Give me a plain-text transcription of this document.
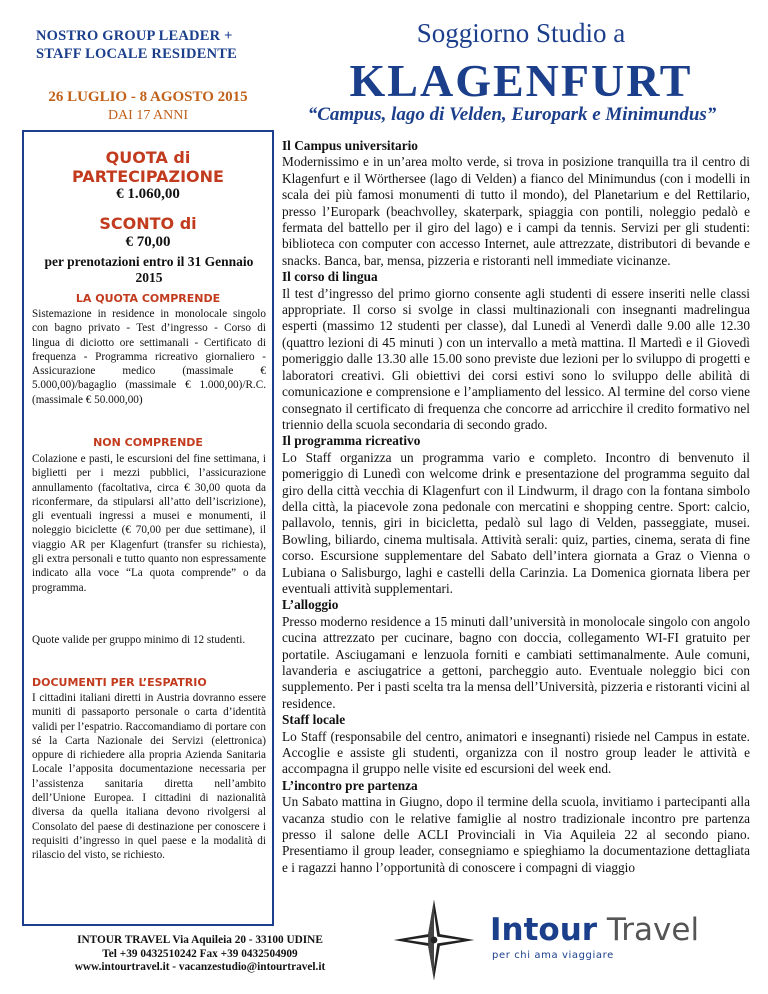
NOSTRO GROUP LEADER +
STAFF LOCALE RESIDENTE
26 LUGLIO - 8 AGOSTO 2015
DAI 17 ANNI
Soggiorno Studio a
KLAGENFURT
“Campus, lago di Velden, Europark e Minimundus”
QUOTA di
PARTECIPAZIONE
€ 1.060,00
SCONTO di
€ 70,00
per prenotazioni entro il 31 Gennaio 2015
LA QUOTA COMPRENDE
Sistemazione in residence in monolocale singolo con bagno privato - Test d’ingresso - Corso di lingua di diciotto ore settimanali - Certificato di frequenza - Programma ricreativo giornaliero - Assicurazione medico (massimale € 5.000,00)/bagaglio (massimale € 1.000,00)/R.C. (massimale € 50.000,00)
NON COMPRENDE
Colazione e pasti, le escursioni del fine settimana, i biglietti per i mezzi pubblici, l’assicurazione annullamento (facoltativa, circa € 30,00 quota da riconfermare, da stipularsi all’atto dell’iscrizione), gli eventuali ingressi a musei e monumenti, il noleggio biciclette (€ 70,00 per due settimane), il viaggio AR per Klagenfurt (transfer su richiesta), gli extra personali e tutto quanto non espressamente indicato alla voce “La quota comprende” o da programma.
Quote valide per gruppo minimo di 12 studenti.
DOCUMENTI PER L’ESPATRIO
I cittadini italiani diretti in Austria dovranno essere muniti di passaporto personale o carta d’identità validi per l’espatrio. Raccomandiamo di portare con sé la Carta Nazionale dei Servizi (elettronica) oppure di richiedere alla propria Azienda Sanitaria Locale l’apposita documentazione necessaria per l’assistenza sanitaria diretta nell’ambito dell’Unione Europea. I cittadini di nazionalità diversa da quella italiana devono rivolgersi al Consolato del paese di destinazione per conoscere i requisiti d’ingresso in quel paese e la modalità di rilascio del visto, se richiesto.

Il Campus universitario

Modernissimo e in un’area molto verde, si trova in posizione tranquilla tra il centro di Klagenfurt e il Wörthersee (lago di Velden) a fianco del Minimundus (con i modelli in scala dei più famosi monumenti di tutto il mondo), del Planetarium e del Rettilario, presso l’Europark (beachvolley, skaterpark, spiaggia con pontili, noleggio pedalò e fermata del battello per il giro del lago) e i campi da tennis. Servizi per gli studenti: biblioteca con computer con accesso Internet, aule attrezzate, distributori di bevande e snacks. Banca, bar, mensa, pizzeria e ristoranti nell immediate vicinanze.

Il corso di lingua

Il test d’ingresso del primo giorno consente agli studenti di essere inseriti nelle classi appropriate. Il corso si svolge in classi multinazionali con insegnanti madrelingua esperti (massimo 12 studenti per classe), dal Lunedì al Venerdì dalle 9.00 alle 12.30 (quattro lezioni di 45 minuti ) con un intervallo a metà mattina. Il Martedì e il Giovedì pomeriggio dalle 13.30 alle 15.00 sono previste due lezioni per lo sviluppo di progetti e laboratori creativi. Gli obiettivi dei corsi estivi sono lo sviluppo delle abilità di comunicazione e comprensione e l’ampliamento del lessico. Al termine del corso viene consegnato il certificato di frequenza che concorre ad arricchire il credito formativo nel triennio della scuola secondaria di secondo grado.

Il programma ricreativo

Lo Staff organizza un programma vario e completo. Incontro di benvenuto il pomeriggio di Lunedì con welcome drink e presentazione del programma seguito dal giro della città vecchia di Klagenfurt con il Lindwurm, il drago con la fontana simbolo della città, la piacevole zona pedonale con mercatini e shopping centre. Sport: calcio, pallavolo, tennis, giri in bicicletta, pedalò sul lago di Velden, passeggiate, musei. Bowling, biliardo, cinema multisala. Attività serali: quiz, parties, cinema, serata di fine corso. Escursione supplementare del Sabato dell’intera giornata a Graz o Vienna o Lubiana o Salisburgo, laghi e castelli della Carinzia. La Domenica giornata libera per eventuali attività supplementari.

L’alloggio

Presso moderno residence a 15 minuti dall’università in monolocale singolo con angolo cucina attrezzato per cucinare, bagno con doccia, collegamento WI-FI gratuito per portatile. Asciugamani e lenzuola forniti e cambiati settimanalmente. Aule comuni, lavanderia e asciugatrice a gettoni, parcheggio auto. Eventuale noleggio bici con supplemento. Per i pasti scelta tra la mensa dell’Università, pizzeria e ristoranti vicini al residence.

Staff locale

Lo Staff (responsabile del centro, animatori e insegnanti) risiede nel Campus in estate. Accoglie e assiste gli studenti, organizza con il nostro group leader le attività e accompagna il gruppo nelle visite ed escursioni del week end.

L’incontro pre partenza

Un Sabato mattina in Giugno, dopo il termine della scuola, invitiamo i partecipanti alla vacanza studio con le relative famiglie al nostro tradizionale incontro pre partenza presso il salone delle ACLI Provinciali in Via Aquileia 22 al secondo piano. Presentiamo il group leader, consegniamo e spieghiamo la documentazione dettagliata e i ragazzi hanno l’opportunità di conoscere i compagni di viaggio

INTOUR TRAVEL Via Aquileia 20 - 33100 UDINE
Tel +39 0432510242 Fax +39 0432504909
www.intourtravel.it - vacanzestudio@intourtravel.it
Intour Travel
per chi ama viaggiare
